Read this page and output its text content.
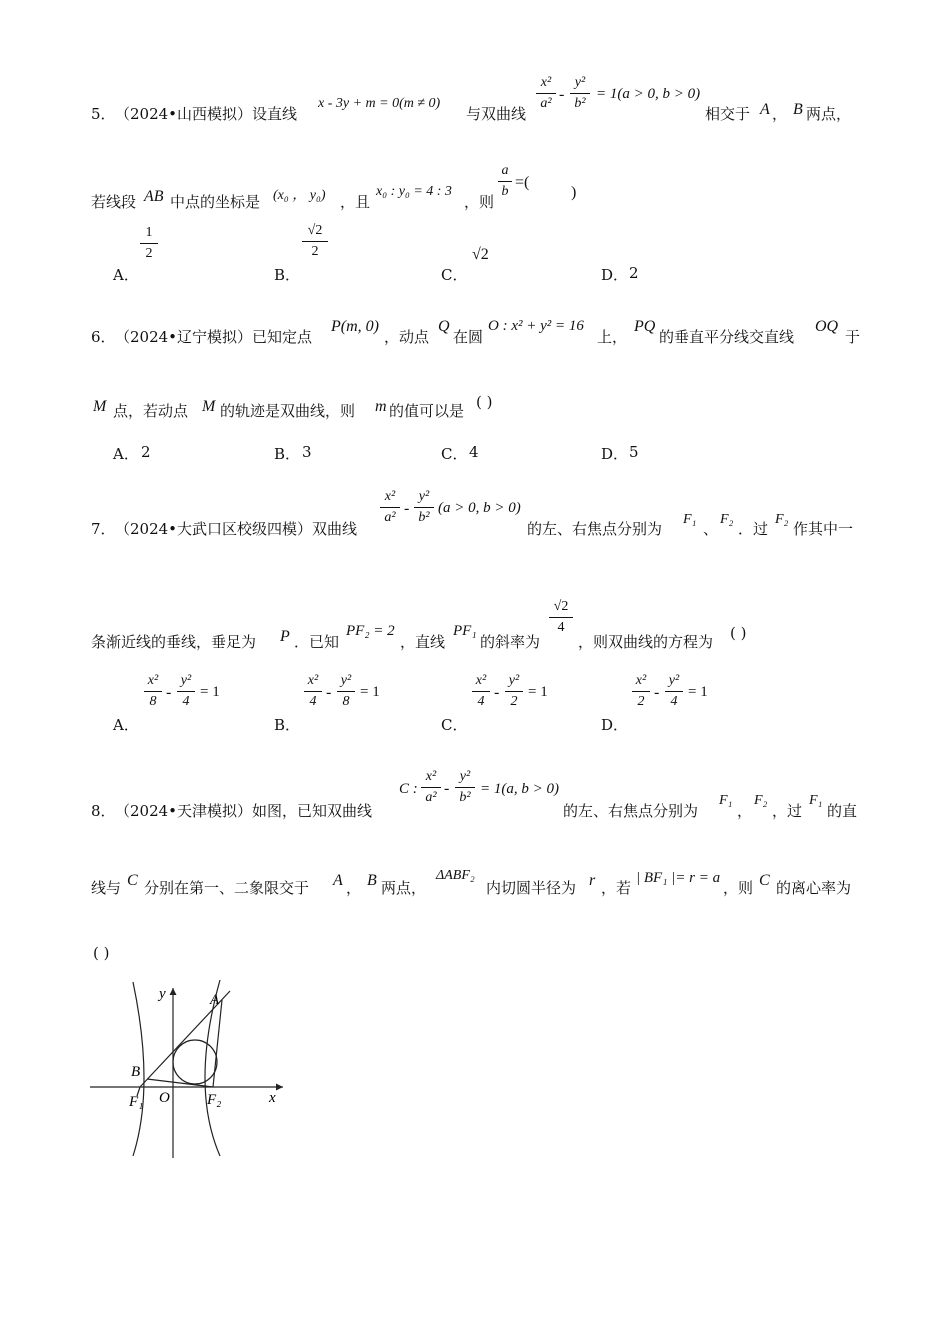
5． （2024•山西模拟）设直线
x - 3y + m = 0(m ≠ 0)
与双曲线
x²
a²
-
y²
b²
= 1(a > 0, b > 0)
相交于 A ， B 两点，
若线段 AB 中点的坐标是 (x₀ ， y₀) ，且
x₀ : y₀ = 4 : 3
，则
a
b
=(
)
A．
1
2
B．
√2
2
C．
√2
D． 2
6． （2024•辽宁模拟）已知定点
P(m, 0)
，动点
Q
在圆
O : x² + y² = 16
上，
PQ
的垂直平分线交直线
OQ
于
M 点，若动点 M 的轨迹是双曲线，则 m 的值可以是 ( )
A． 2	B． 3	C． 4	D． 5
7． （2024•大武口区校级四模）双曲线
x²
a²
-
y²
b²
(a > 0, b > 0)
的左、右焦点分别为
F₁
、
F₂
．过
F₂
作其中一
条渐近线的垂线，垂足为 P ．已知
PF₂ = 2
，直线
PF₁
的斜率为
√2
4
，则双曲线的方程为 ( )
A．
x²
8
-
y²
4
= 1
B．
x²
4
-
y²
8
= 1
C．
x²
4
-
y²
2
= 1
D．
x²
2
-
y²
4
= 1
8． （2024•天津模拟）如图，已知双曲线
C :
x²
a²
-
y²
b²
= 1(a, b > 0)
的左、右焦点分别为
F₁
，
F₂
，过
F₁
的直
线与 C 分别在第一、二象限交于 A ， B 两点，
ΔABF₂
内切圆半径为 r ，若
| BF₁ |= r = a
，则 C 的离心率为
( )
y
x
A
B
O
F₁	F₂
